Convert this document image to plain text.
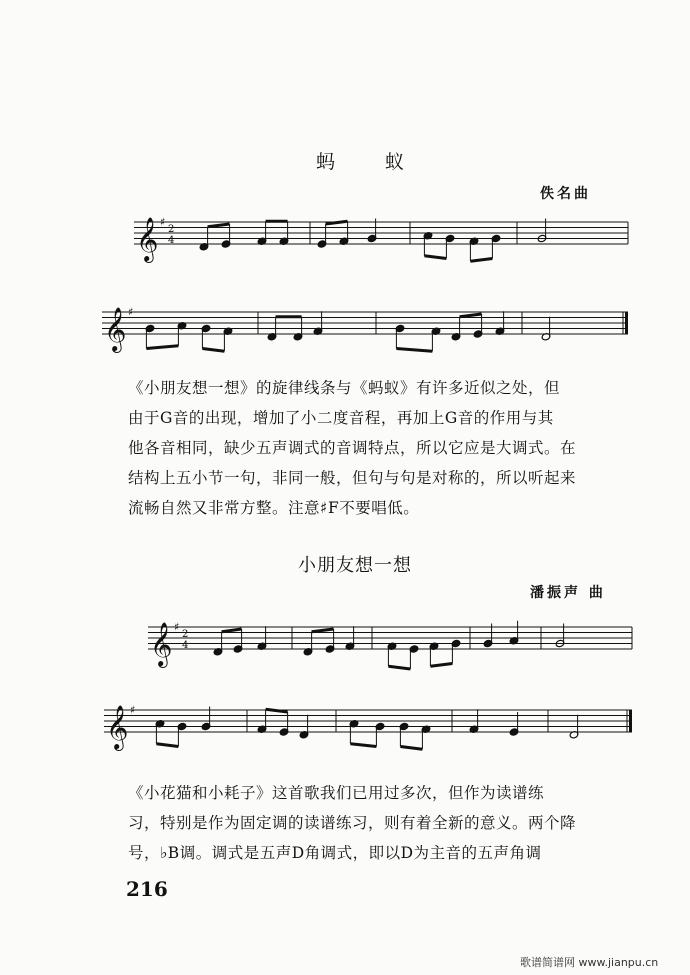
蚂 蚁
佚名曲
𝄞 ♯
2
4
𝄞 ♯
𝄞 ♯
2
4
𝄞 ♯

《小朋友想一想》的旋律线条与《蚂蚁》有许多近似之处，但

由于G音的出现，增加了小二度音程，再加上G音的作用与其

他各音相同，缺少五声调式的音调特点，所以它应是大调式。在

结构上五小节一句，非同一般，但句与句是对称的，所以听起来

流畅自然又非常方整。注意♯F不要唱低。

小朋友想一想
潘振声 曲

《小花猫和小耗子》这首歌我们已用过多次，但作为读谱练

习，特别是作为固定调的读谱练习，则有着全新的意义。两个降

号，♭B调。调式是五声D角调式，即以D为主音的五声角调

216
歌谱简谱网 www.jianpu.cn
